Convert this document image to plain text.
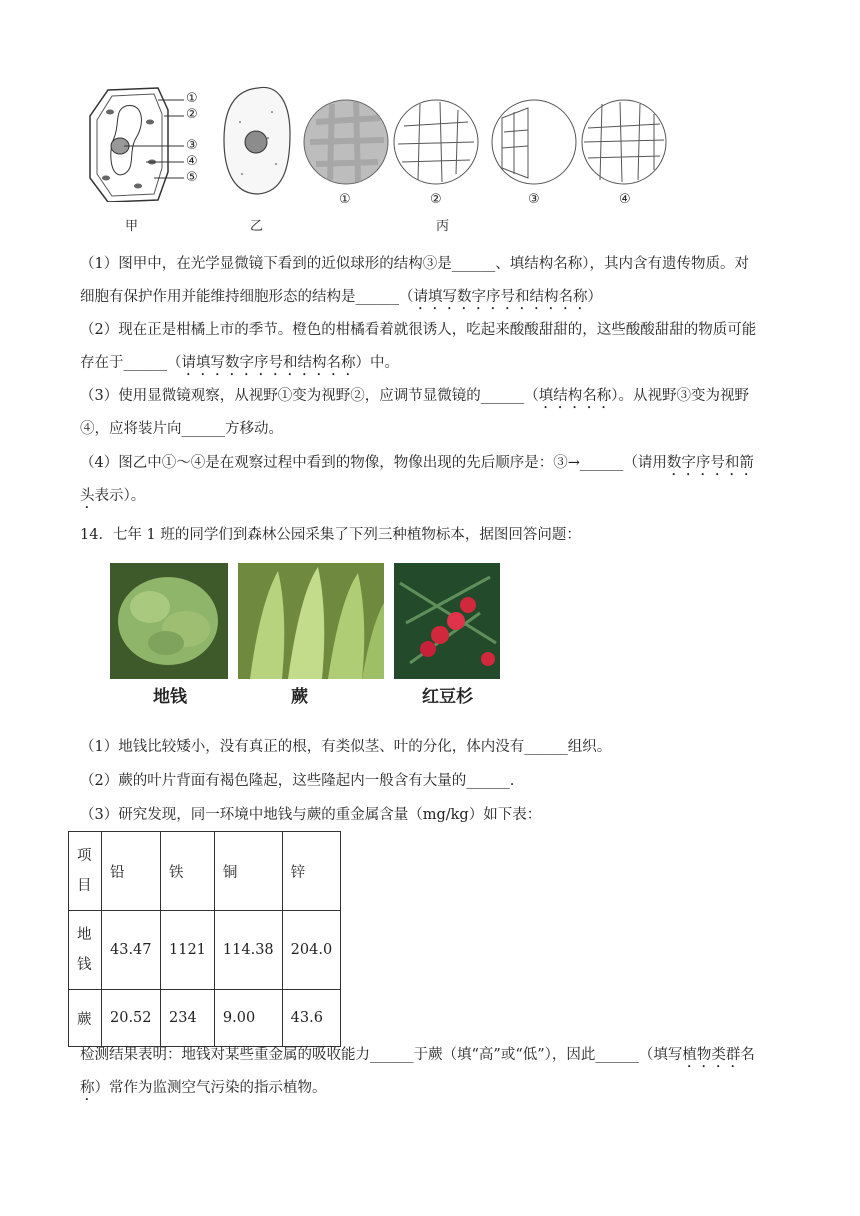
①
②
③
④
⑤
甲	乙
①	②	③	④
丙
（1）图甲中，在光学显微镜下看到的近似球形的结构③是______、填结构名称），其内含有遗传物质。对
细胞有保护作用并能维持细胞形态的结构是______（请填写数字序号和结构名称）
（2）现在正是柑橘上市的季节。橙色的柑橘看着就很诱人，吃起来酸酸甜甜的，这些酸酸甜甜的物质可能
存在于______（请填写数字序号和结构名称）中。
（3）使用显微镜观察，从视野①变为视野②，应调节显微镜的______（填结构名称）。从视野③变为视野
④，应将装片向______方移动。
（4）图乙中①～④是在观察过程中看到的物像，物像出现的先后顺序是：③→______（请用数字序号和箭
头表示）。
14．七年 1 班的同学们到森林公园采集了下列三种植物标本，据图回答问题：
地钱	蕨	红豆杉
（1）地钱比较矮小，没有真正的根，有类似茎、叶的分化，体内没有______组织。
（2）蕨的叶片背面有褐色隆起，这些隆起内一般含有大量的______.
（3）研究发现，同一环境中地钱与蕨的重金属含量（mg/kg）如下表：
项
目	铅	铁	铜	锌

地
钱	43.47	1121	114.38	204.0
蕨	20.52	234	9.00	43.6
检测结果表明：地钱对某些重金属的吸收能力______于蕨（填“高”或“低”），因此______（填写植物类群名
称）常作为监测空气污染的指示植物。
